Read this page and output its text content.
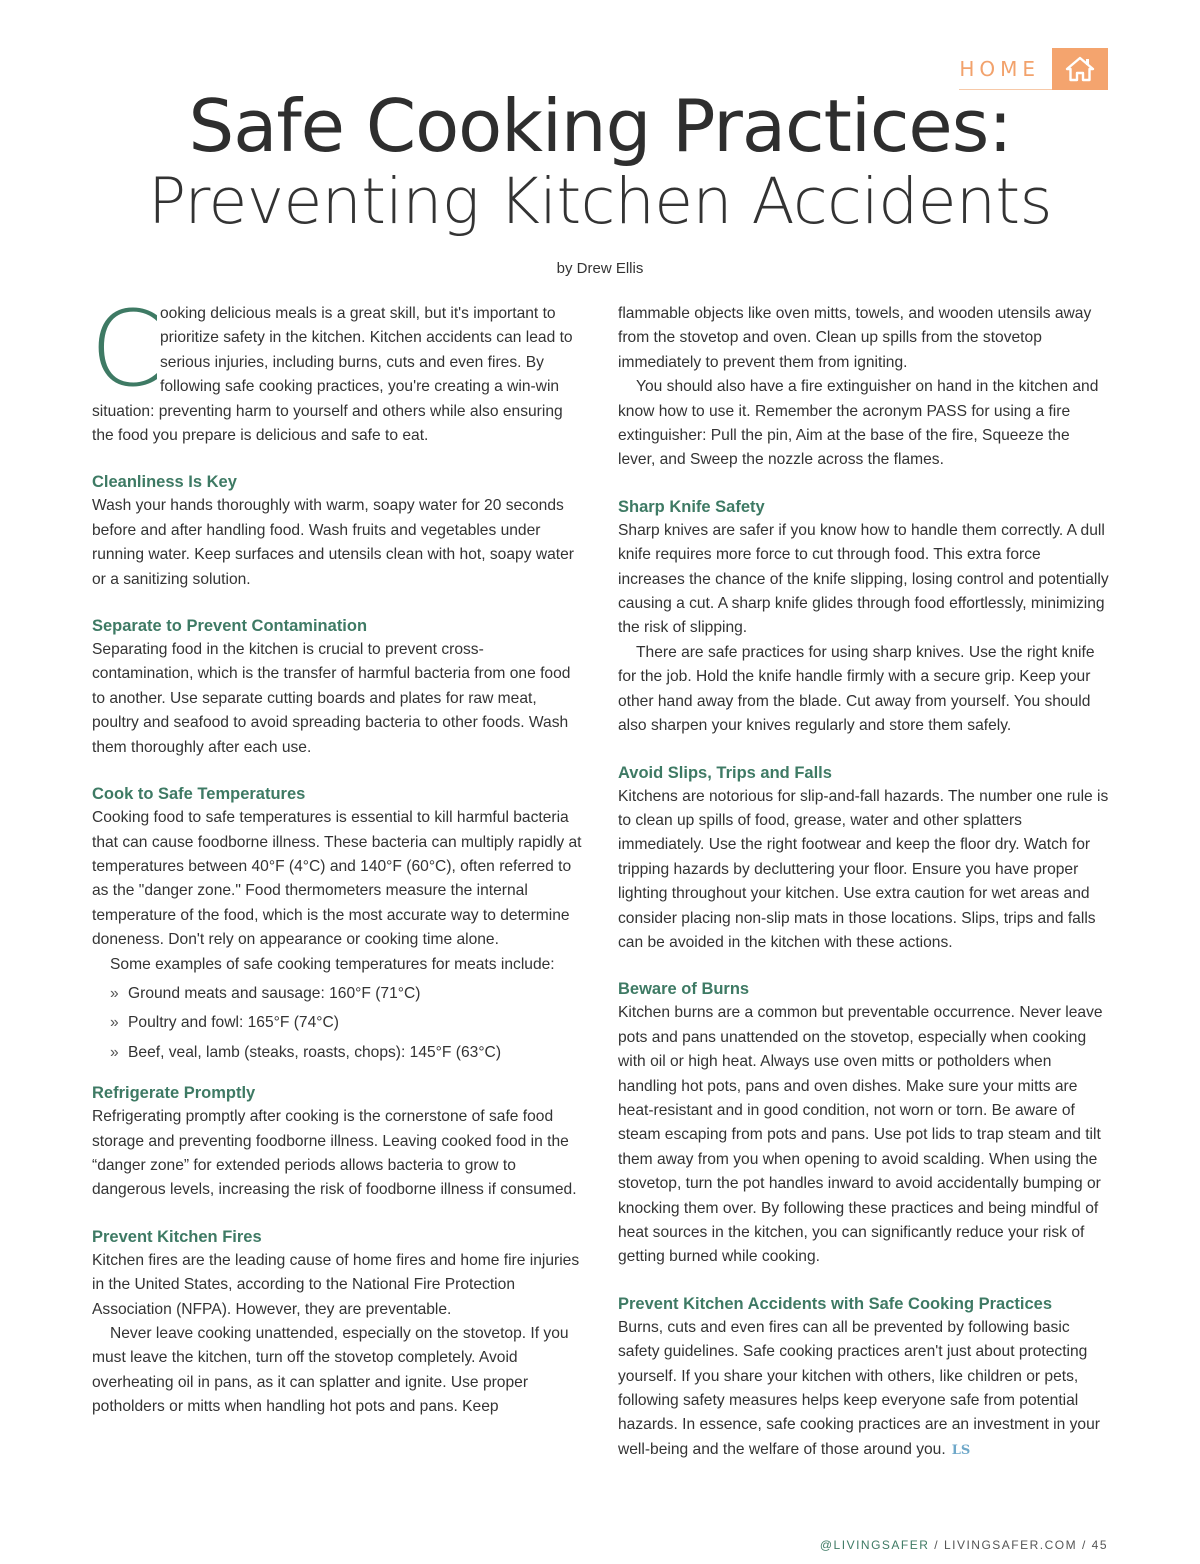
HOME
Safe Cooking Practices:
Preventing Kitchen Accidents
by Drew Ellis

C
ooking delicious meals is a great skill, but it's important to prioritize safety in the kitchen. Kitchen accidents can lead to serious injuries, including burns, cuts and even fires. By following safe cooking practices, you're creating a win-win situation: preventing harm to yourself and others while also ensuring the food you prepare is delicious and safe to eat.

Cleanliness Is Key

Wash your hands thoroughly with warm, soapy water for 20 seconds before and after handling food. Wash fruits and vegetables under running water. Keep surfaces and utensils clean with hot, soapy water or a sanitizing solution.

Separate to Prevent Contamination

Separating food in the kitchen is crucial to prevent cross-contamination, which is the transfer of harmful bacteria from one food to another. Use separate cutting boards and plates for raw meat, poultry and seafood to avoid spreading bacteria to other foods. Wash them thoroughly after each use.

Cook to Safe Temperatures

Cooking food to safe temperatures is essential to kill harmful bacteria that can cause foodborne illness. These bacteria can multiply rapidly at temperatures between 40°F (4°C) and 140°F (60°C), often referred to as the "danger zone." Food thermometers measure the internal temperature of the food, which is the most accurate way to determine doneness. Don't rely on appearance or cooking time alone.

Some examples of safe cooking temperatures for meats include:

» Ground meats and sausage: 160°F (71°C)
» Poultry and fowl: 165°F (74°C)
» Beef, veal, lamb (steaks, roasts, chops): 145°F (63°C)
Refrigerate Promptly

Refrigerating promptly after cooking is the cornerstone of safe food storage and preventing foodborne illness. Leaving cooked food in the “danger zone” for extended periods allows bacteria to grow to dangerous levels, increasing the risk of foodborne illness if consumed.

Prevent Kitchen Fires

Kitchen fires are the leading cause of home fires and home fire injuries in the United States, according to the National Fire Protection Association (NFPA). However, they are preventable.

Never leave cooking unattended, especially on the stovetop. If you must leave the kitchen, turn off the stovetop completely. Avoid overheating oil in pans, as it can splatter and ignite. Use proper potholders or mitts when handling hot pots and pans. Keep

flammable objects like oven mitts, towels, and wooden utensils away from the stovetop and oven. Clean up spills from the stovetop immediately to prevent them from igniting.

You should also have a fire extinguisher on hand in the kitchen and know how to use it. Remember the acronym PASS for using a fire extinguisher: Pull the pin, Aim at the base of the fire, Squeeze the lever, and Sweep the nozzle across the flames.

Sharp Knife Safety

Sharp knives are safer if you know how to handle them correctly. A dull knife requires more force to cut through food. This extra force increases the chance of the knife slipping, losing control and potentially causing a cut. A sharp knife glides through food effortlessly, minimizing the risk of slipping.

There are safe practices for using sharp knives. Use the right knife for the job. Hold the knife handle firmly with a secure grip. Keep your other hand away from the blade. Cut away from yourself. You should also sharpen your knives regularly and store them safely.

Avoid Slips, Trips and Falls

Kitchens are notorious for slip-and-fall hazards. The number one rule is to clean up spills of food, grease, water and other splatters immediately. Use the right footwear and keep the floor dry. Watch for tripping hazards by decluttering your floor. Ensure you have proper lighting throughout your kitchen. Use extra caution for wet areas and consider placing non-slip mats in those locations. Slips, trips and falls can be avoided in the kitchen with these actions.

Beware of Burns

Kitchen burns are a common but preventable occurrence. Never leave pots and pans unattended on the stovetop, especially when cooking with oil or high heat. Always use oven mitts or potholders when handling hot pots, pans and oven dishes. Make sure your mitts are heat-resistant and in good condition, not worn or torn. Be aware of steam escaping from pots and pans. Use pot lids to trap steam and tilt them away from you when opening to avoid scalding. When using the stovetop, turn the pot handles inward to avoid accidentally bumping or knocking them over. By following these practices and being mindful of heat sources in the kitchen, you can significantly reduce your risk of getting burned while cooking.

Prevent Kitchen Accidents with Safe Cooking Practices

Burns, cuts and even fires can all be prevented by following basic safety guidelines. Safe cooking practices aren't just about protecting yourself. If you share your kitchen with others, like children or pets, following safety measures helps keep everyone safe from potential hazards. In essence, safe cooking practices are an investment in your well-being and the welfare of those around you. LS

@LIVINGSAFER / LIVINGSAFER.COM / 45
